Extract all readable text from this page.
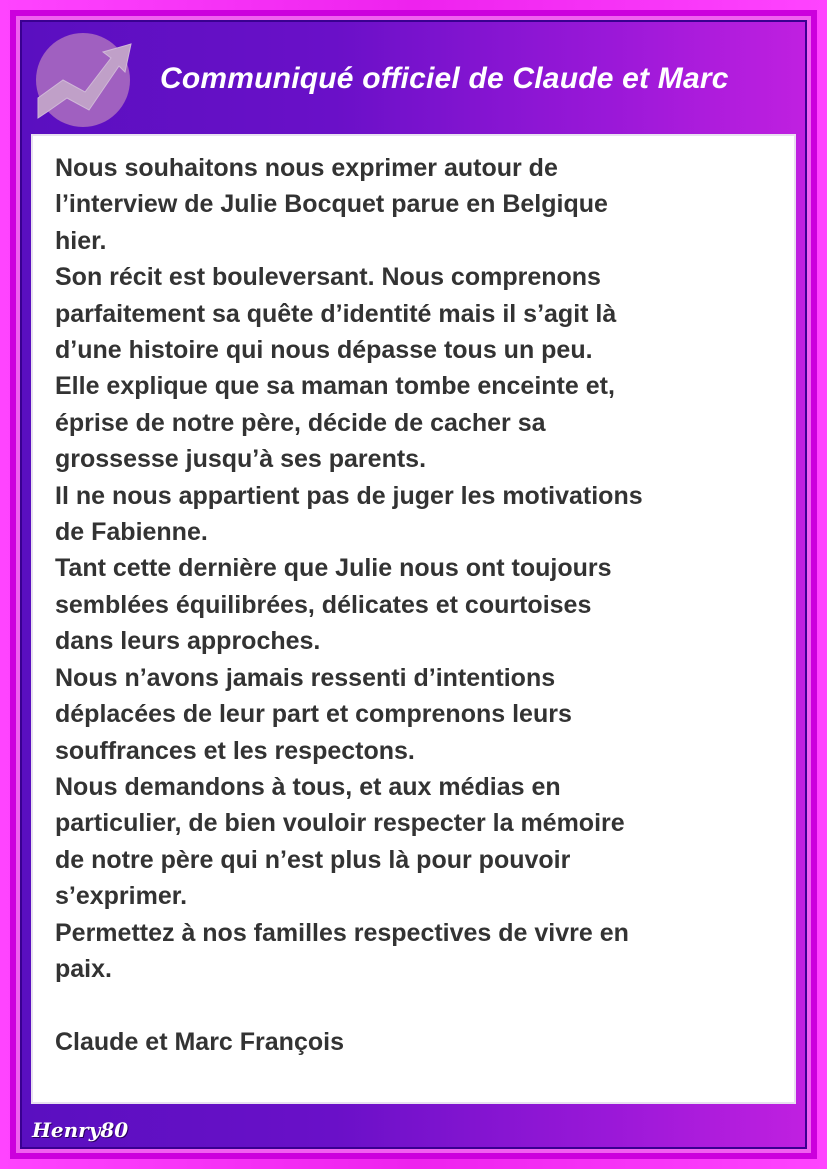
Communiqué officiel de Claude et Marc

Nous souhaitons nous exprimer autour de

l’interview de Julie Bocquet parue en Belgique

hier.

Son récit est bouleversant. Nous comprenons

parfaitement sa quête d’identité mais il s’agit là

d’une histoire qui nous dépasse tous un peu.

Elle explique que sa maman tombe enceinte et,

éprise de notre père, décide de cacher sa

grossesse jusqu’à ses parents.

Il ne nous appartient pas de juger les motivations

de Fabienne.

Tant cette dernière que Julie nous ont toujours

semblées équilibrées, délicates et courtoises

dans leurs approches.

Nous n’avons jamais ressenti d’intentions

déplacées de leur part et comprenons leurs

souffrances et les respectons.

Nous demandons à tous, et aux médias en

particulier, de bien vouloir respecter la mémoire

de notre père qui n’est plus là pour pouvoir

s’exprimer.

Permettez à nos familles respectives de vivre en

paix.

Claude et Marc François

Henry80
